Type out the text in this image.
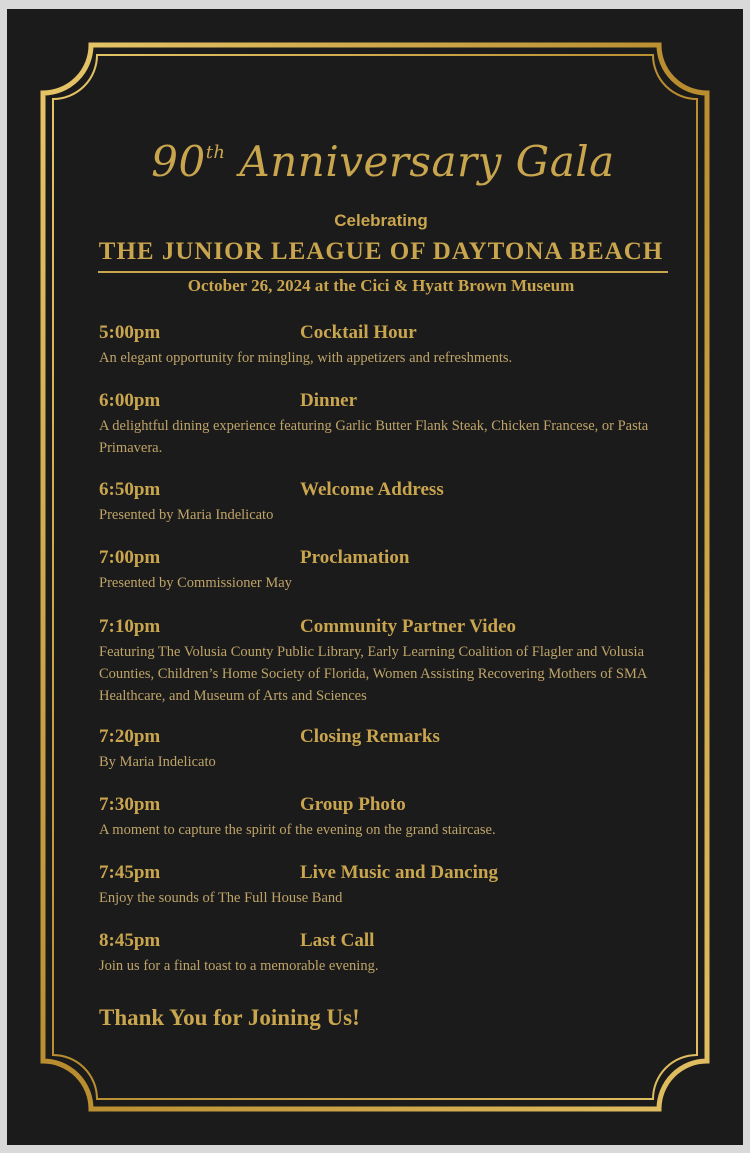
90th Anniversary Gala
Celebrating
THE JUNIOR LEAGUE OF DAYTONA BEACH
October 26, 2024 at the Cici & Hyatt Brown Museum
5:00pm	Cocktail Hour
An elegant opportunity for mingling, with appetizers and refreshments.
6:00pm	Dinner
A delightful dining experience featuring Garlic Butter Flank Steak, Chicken Francese, or Pasta Primavera.
6:50pm	Welcome Address
Presented by Maria Indelicato
7:00pm	Proclamation
Presented by Commissioner May
7:10pm	Community Partner Video
Featuring The Volusia County Public Library, Early Learning Coalition of Flagler and Volusia Counties, Children’s Home Society of Florida, Women Assisting Recovering Mothers of SMA Healthcare, and Museum of Arts and Sciences
7:20pm	Closing Remarks
By Maria Indelicato
7:30pm	Group Photo
A moment to capture the spirit of the evening on the grand staircase.
7:45pm	Live Music and Dancing
Enjoy the sounds of The Full House Band
8:45pm	Last Call
Join us for a final toast to a memorable evening.
Thank You for Joining Us!
